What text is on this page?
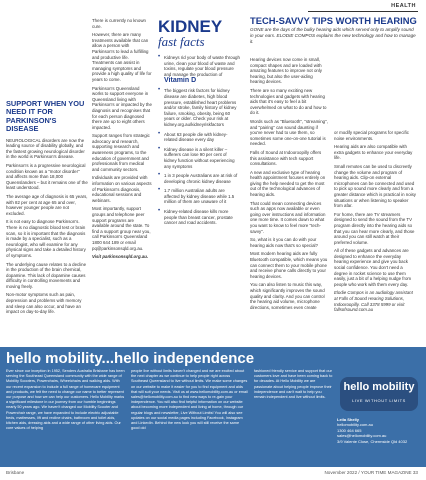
HEALTH
SUPPORT WHEN YOU NEED IT FOR PARKINSON'S DISEASE

NEUROLOGICAL disorders are now the leading source of disability globally, and the fastest growing neurological disorder in the world is Parkinson's disease.

Parkinson's is a progressive neurological condition known as a "motor disorder" and affects more than 18,000 Queenslanders – but it remains one of the least understood.

The average age of diagnosis is 65 years, with 82 per cent at age 65 and over, however younger people are not excluded.

It is not easy to diagnose Parkinson's. There is no diagnostic blood test or brain scan, so it is important that the diagnosis is made by a specialist, such as a neurologist, who will examine for any physical signs and take a detailed history of symptoms.

The underlying cause relates to a decline in the production of the brain chemical, dopamine. This lack of dopamine causes difficulty in controlling movements and moving freely.

Non-motor symptoms such as pain, depression and problems with memory and sleep can also occur, and have an impact on day-to-day life.

There is currently no known cure.

However, there are many treatments available that can allow a person with Parkinson's to lead a fulfilling and productive life. Treatments can assist in managing symptoms and provide a high quality of life for years to come.

Parkinson's Queensland works to support everyone in Queensland living with Parkinson's or impacted by the diagnosis and recognises that for each person diagnosed there are up to eight others impacted.

Support ranges from strategic advocacy and research, supporting research and awareness programs, to the education of government and professionals from medical and community sectors.

Individuals are provided with information on various aspects of Parkinson's diagnosis, educational sessions and webinars.

Most importantly, support groups and telephone peer support programs are available around the state. To find a support group near you, call Parkinson's Queensland 1800 644 189 or email pq@parkinsonsqld.org.au.

Visit parkinsonsqld.org.au.

KIDNEY
fast facts
• Kidneys rid your body of waste through urine, clean your blood of waste and toxins, regulate your blood pressure and manage the production of Vitamin D
• The biggest risk factors for kidney disease are diabetes, high blood pressure, established heart problems and/or stroke, family history of kidney failure, smoking, obesity, being 60 years or older. Check your risk at kidney.org.au/kidneyriskfactors
• About 63 people die with kidney-related disease every day
• Kidney disease is a silent killer – sufferers can lose 90 per cent of kidney function without experiencing any symptoms
• 1 in 3 people Australians are at risk of developing chronic kidney disease
• 1.7 million Australian adults are affected by kidney disease while 1.5 million of them are unaware of it
• Kidney-related disease kills more people than breast cancer, prostate cancer and road accidents.
TECH-SAVVY TIPS WORTH HEARING
GONE are the days of the bulky hearing aids which served only to amplify sound in your ears. ELODIE COMPOS explains the new technology and how to manage it.

Hearing devices now come in small, compact shapes and are loaded with amazing features to improve not only hearing, but also the user-aiding hearing devices.

There are so many exciting new technologies and gadgets with hearing aids that it's easy to feel a bit overwhelmed on what to do and how to do it.

Words such as "Bluetooth", "streaming", and "pairing" can sound daunting if you've never had to use them, so sometimes some one-on-one tutorial is needed.

Falls of Sound at Indooroopilly offers this assistance with tech support consultations.

A new and exclusive type of hearing health appointment focuses entirely on giving the help needed to get the most out of the technological advances of hearing aids.

That could mean connecting devices such as apps now available or even going over instructions and information one more time. It comes down to what you want to know to feel more "tech-savvy".

So, what is it you can do with your hearing aids now that's so special?

Most modern hearing aids are fully Bluetooth compatible, which means you can connect them to your mobile phone and receive phone calls directly to your hearing devices.

You can also listen to music this way, which significantly improves the sound quality and clarity. And you can control the hearing aid volume, microphone directions, sometimes even create

or modify special programs for specific noise environments.

Hearing aids are also compatible with extra gadgets to enhance your everyday life.

Small remotes can be used to discreetly change the volume and program of hearing aids. Clip-on external microphones can be connected and used to pick up sound more clearly and from a greater distance which is practical in noisy situations or when listening to speaker from afar.

For home, there are TV streamers designed to send the sound from the TV program directly into the hearing aids so that you can hear more clearly, and those around you can still watch at their preferred volume.

All of these gadgets and advances are designed to enhance the everyday hearing experience and give you back social confidence. You don't need a degree in rocket science to use them easily, just a bit of a helping nudge from people who work with them every day.

Elodie Compos is an audiology assistant at Falls of Sound Hearing Solutions, Indooroopilly. Call 3378 5999 or visit fallsofsound.com.au

hello mobility...hello independence

Ever since our inception in 1952, Senders Australia Brisbane has been serving the Southeast Queensland community with the wide range of Mobility Scooters, Powerchairs, Wheelchairs and walking aids. With our recent expansion to include a full range of homecare equipment and products, we felt the need to change our name to better represent our purpose and how we can help our customers. Hello Mobility marks a significant milestone in our journey from our humble beginnings nearly 50 years ago. We haven't changed our Mobility Scooter and Powerchair range, we have expanded to include electric adjustable beds, mattresses, lift and recline chairs, bathroom and toilet aids, kitchen aids, dressing aids and a wide range of other living aids. Our core values of helping

people live without limits haven't changed and we are excited about the next chapter as we continue to help people right across Southeast Queensland to live without limits. We make some changes on our website to make it easier for you to find equipment and aids that will suit your needs. Visit us at www.hellomobility.com.au or email sales@hellomobility.com.au to find new ways to re-gain your independence. You will also find helpful information on our website about becoming more independent and living at home, through our regular blogs and newsletter, Live Without Limits! You will also see updates on our social media pages including Facebook, Instagram and LinkedIn. Behind the new look you will still receive the same good old

fashioned friendly service and support that our customers love and have been coming back to for decades. At Hello Mobility we are passionate about helping people improve their independence and can't wait to help you remain independent and live without limits.

hello mobility
LIVE WITHOUT LIMITS
Leila Shelly
hellomobility.com.au
1300 464 665
sales@hellomobility.com.au
3/9 Valente Close, Chermside Qld 4032
Brisbane	November 2022 / YOUR TIME MAGAZINE 33
